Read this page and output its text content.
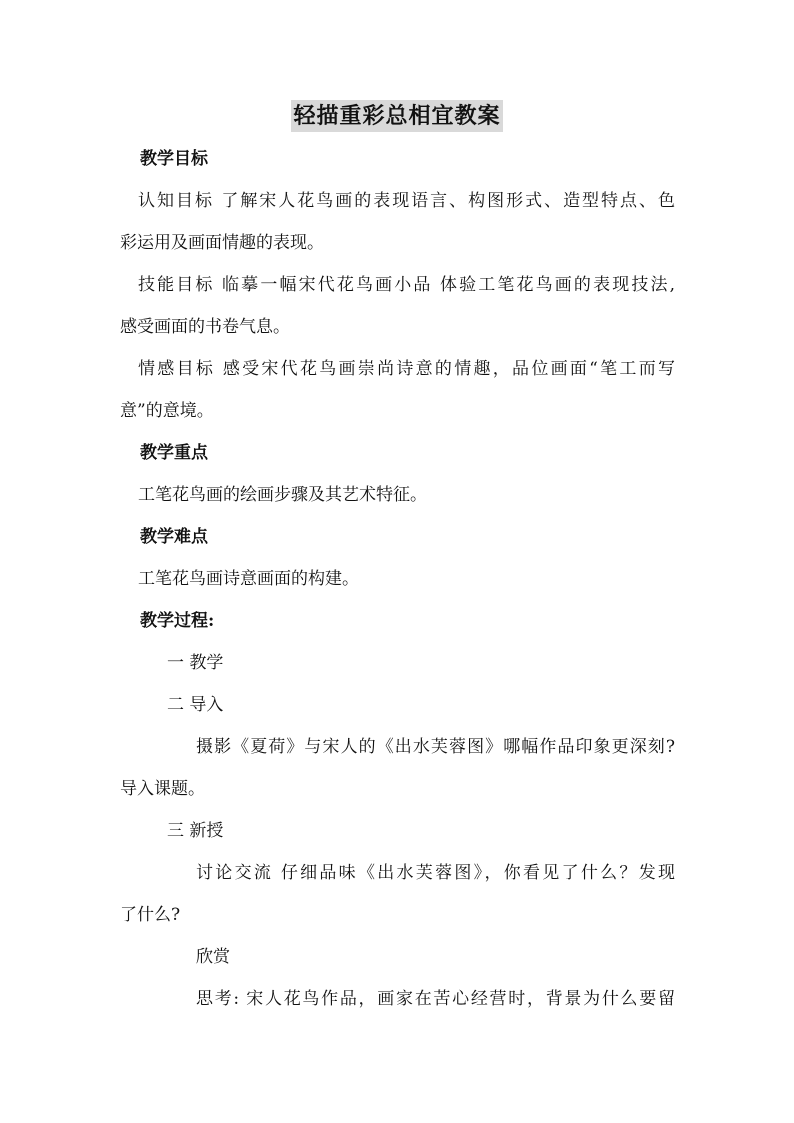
轻描重彩总相宜教案
教学目标
认知目标 了解宋人花鸟画的表现语言、构图形式、造型特点、色
彩运用及画面情趣的表现。
技能目标 临摹一幅宋代花鸟画小品 体验工笔花鸟画的表现技法,
感受画面的书卷气息。
情感目标 感受宋代花鸟画崇尚诗意的情趣，品位画面“笔工而写
意”的意境。
教学重点
工笔花鸟画的绘画步骤及其艺术特征。
教学难点
工笔花鸟画诗意画面的构建。
教学过程:
一 教学
二 导入
摄影《夏荷》与宋人的《出水芙蓉图》哪幅作品印象更深刻?
导入课题。
三 新授
讨论交流 仔细品味《出水芙蓉图》，你看见了什么？发现
了什么?
欣赏
思考: 宋人花鸟作品，画家在苦心经营时，背景为什么要留
